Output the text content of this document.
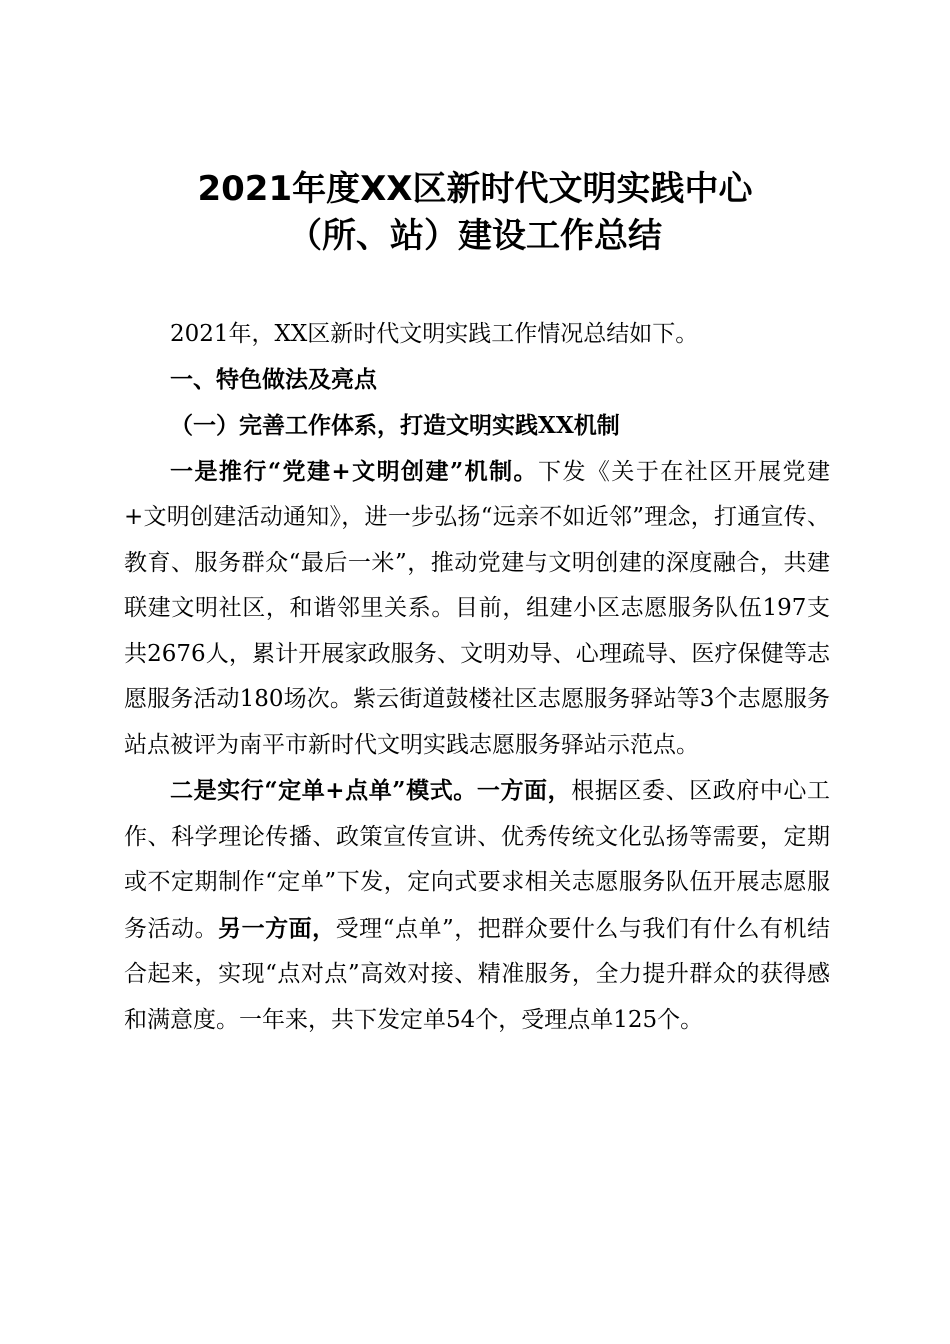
2021年度XX区新时代文明实践中心
（所、站）建设工作总结

2021年，XX区新时代文明实践工作情况总结如下。

一、特色做法及亮点

（一）完善工作体系，打造文明实践XX机制

一是推行“党建+文明创建”机制。下发《关于在社区开展党建+文明创建活动通知》，进一步弘扬“远亲不如近邻”理念，打通宣传、教育、服务群众“最后一米”，推动党建与文明创建的深度融合，共建联建文明社区，和谐邻里关系。目前，组建小区志愿服务队伍197支共2676人，累计开展家政服务、文明劝导、心理疏导、医疗保健等志愿服务活动180场次。紫云街道鼓楼社区志愿服务驿站等3个志愿服务站点被评为南平市新时代文明实践志愿服务驿站示范点。

二是实行“定单+点单”模式。一方面，根据区委、区政府中心工作、科学理论传播、政策宣传宣讲、优秀传统文化弘扬等需要，定期或不定期制作“定单”下发，定向式要求相关志愿服务队伍开展志愿服务活动。另一方面，受理“点单”，把群众要什么与我们有什么有机结合起来，实现“点对点”高效对接、精准服务，全力提升群众的获得感和满意度。一年来，共下发定单54个，受理点单125个。
